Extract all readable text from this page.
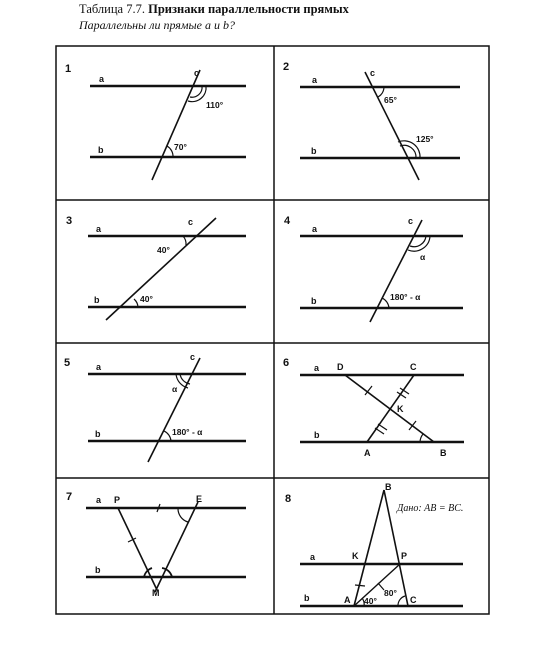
Таблица 7.7. Признаки параллельности прямых
Параллельны ли прямые a и b?
1
a
b
c
110°
70°
2
a
b
c
65°
125°
3
a
b
c
40°
40°
4
a
b
c
α
180° - α
5	a
b
c
α
180° - α
6	a
b
D	C
K
A	B
7	a
b
P	E
M
8
a
b
B
K	P
A	C
40°
80°
Дано: AB = BC.
